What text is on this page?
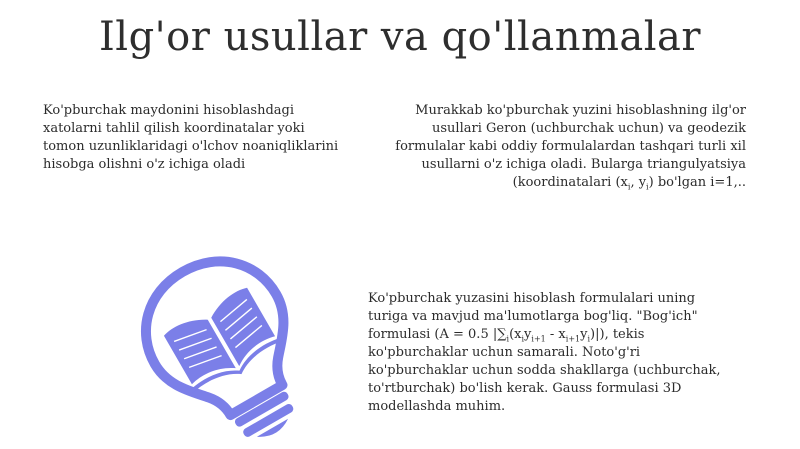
Ilg'or usullar va qo'llanmalar
Ko'pburchak maydonini hisoblashdagi xatolarni tahlil qilish koordinatalar yoki tomon uzunliklaridagi o'lchov noaniqliklarini hisobga olishni o'z ichiga oladi
Murakkab ko'pburchak yuzini hisoblashning ilg'or usullari Geron (uchburchak uchun) va geodezik formulalar kabi oddiy formulalardan tashqari turli xil usullarni o'z ichiga oladi. Bularga triangulyatsiya (koordinatalari ($x_i$, $y_i$) bo'lgan i=1,..
Ko'pburchak yuzasini hisoblash formulalari uning turiga va mavjud ma'lumotlarga bog'liq. "Bog'ich" formulasi (A = 0.5 $|\sum_i(x_iy_{i+1} - x_{i+1}y_i)|$), tekis ko'pburchaklar uchun samarali. Noto'g'ri ko'pburchaklar uchun sodda shakllarga (uchburchak, to'rtburchak) bo'lish kerak. Gauss formulasi 3D modellashda muhim.
